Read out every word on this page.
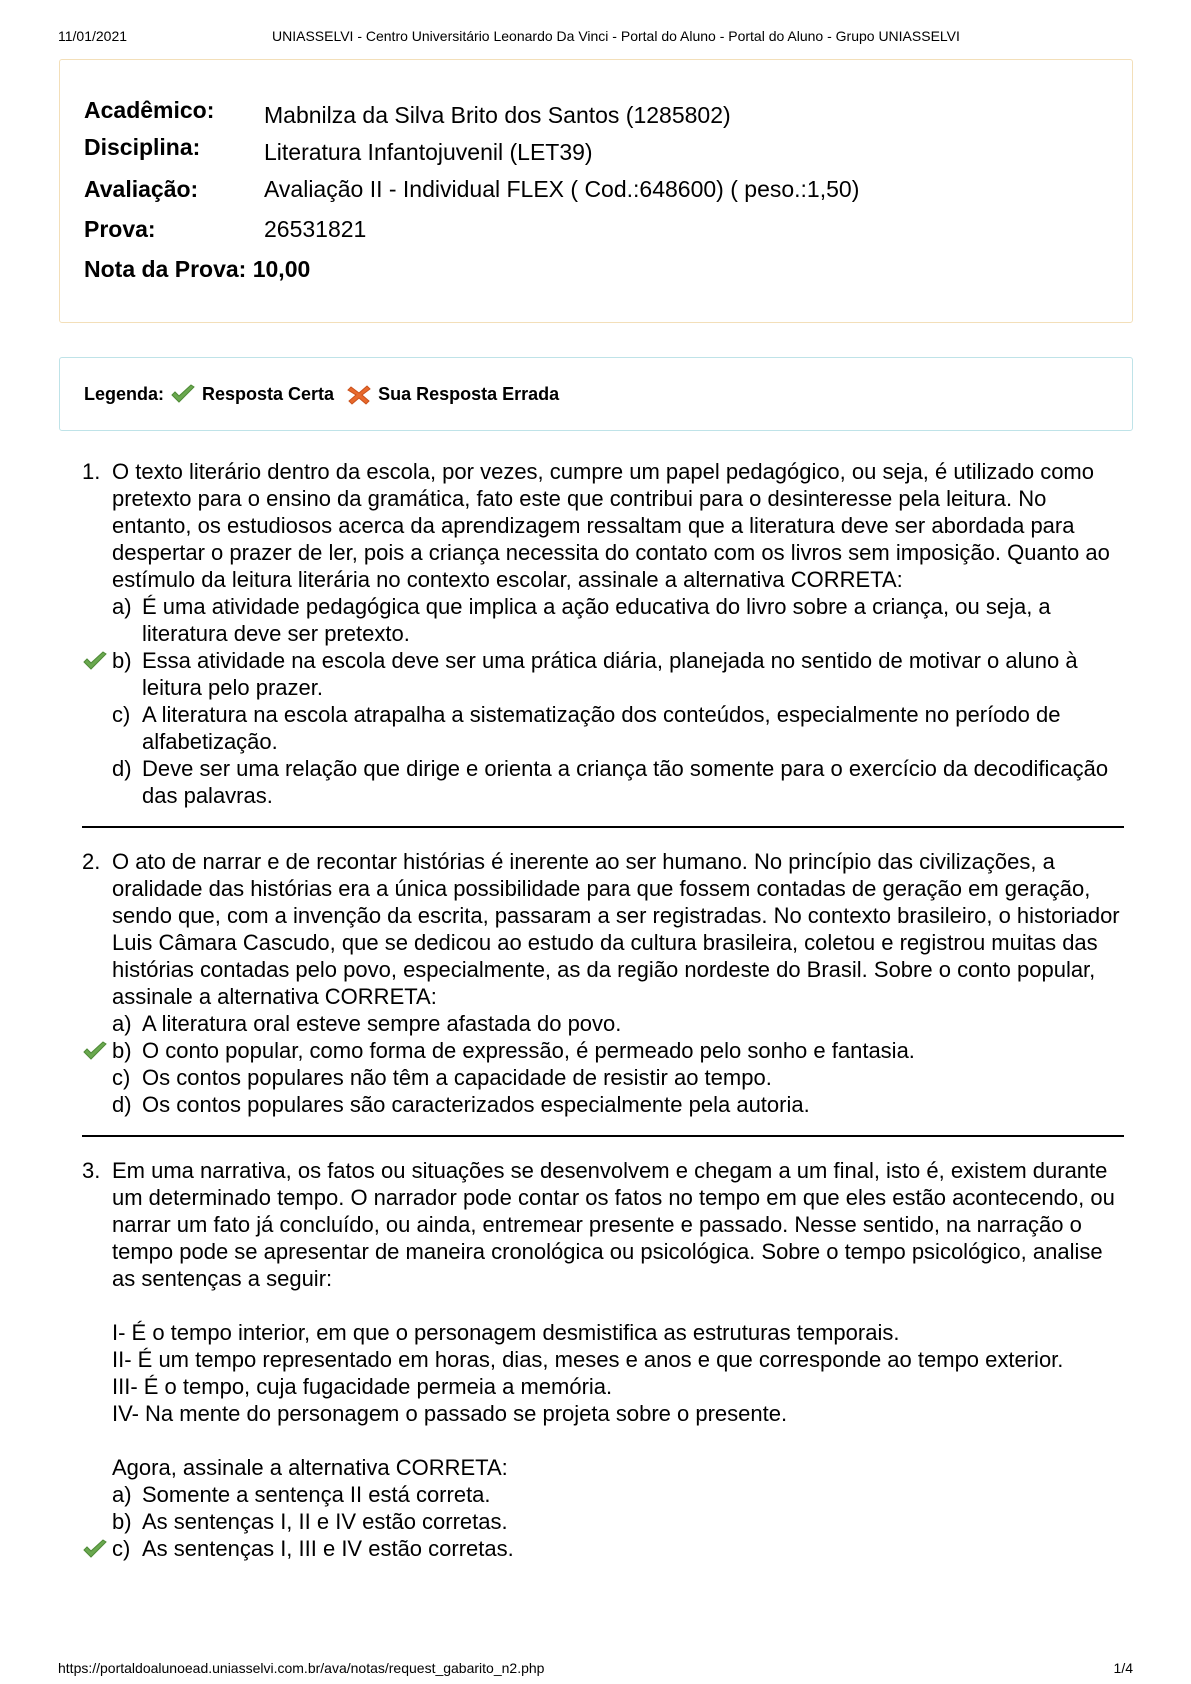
11/01/2021	UNIASSELVI - Centro Universitário Leonardo Da Vinci - Portal do Aluno - Portal do Aluno - Grupo UNIASSELVI
Acadêmico: Mabnilza da Silva Brito dos Santos (1285802)
Disciplina:	Literatura Infantojuvenil (LET39)
Avaliação:	Avaliação II - Individual FLEX ( Cod.:648600) ( peso.:1,50)
Prova:	26531821
Nota da Prova: 10,00
Legenda: Resposta Certa Sua Resposta Errada
1. O texto literário dentro da escola, por vezes, cumpre um papel pedagógico, ou seja, é utilizado como pretexto para o ensino da gramática, fato este que contribui para o desinteresse pela leitura. No entanto, os estudiosos acerca da aprendizagem ressaltam que a literatura deve ser abordada para despertar o prazer de ler, pois a criança necessita do contato com os livros sem imposição. Quanto ao estímulo da leitura literária no contexto escolar, assinale a alternativa CORRETA:

a) É uma atividade pedagógica que implica a ação educativa do livro sobre a criança, ou seja, a literatura deve ser pretexto.
b) Essa atividade na escola deve ser uma prática diária, planejada no sentido de motivar o aluno à leitura pelo prazer.
c) A literatura na escola atrapalha a sistematização dos conteúdos, especialmente no período de alfabetização.
d) Deve ser uma relação que dirige e orienta a criança tão somente para o exercício da decodificação das palavras.
2. O ato de narrar e de recontar histórias é inerente ao ser humano. No princípio das civilizações, a oralidade das histórias era a única possibilidade para que fossem contadas de geração em geração, sendo que, com a invenção da escrita, passaram a ser registradas. No contexto brasileiro, o historiador Luis Câmara Cascudo, que se dedicou ao estudo da cultura brasileira, coletou e registrou muitas das histórias contadas pelo povo, especialmente, as da região nordeste do Brasil. Sobre o conto popular, assinale a alternativa CORRETA:

a) A literatura oral esteve sempre afastada do povo.
b) O conto popular, como forma de expressão, é permeado pelo sonho e fantasia.
c) Os contos populares não têm a capacidade de resistir ao tempo.
d) Os contos populares são caracterizados especialmente pela autoria.
3. Em uma narrativa, os fatos ou situações se desenvolvem e chegam a um final, isto é, existem durante um determinado tempo. O narrador pode contar os fatos no tempo em que eles estão acontecendo, ou narrar um fato já concluído, ou ainda, entremear presente e passado. Nesse sentido, na narração o tempo pode se apresentar de maneira cronológica ou psicológica. Sobre o tempo psicológico, analise as sentenças a seguir:

I- É o tempo interior, em que o personagem desmistifica as estruturas temporais.

II- É um tempo representado em horas, dias, meses e anos e que corresponde ao tempo exterior.

III- É o tempo, cuja fugacidade permeia a memória.

IV- Na mente do personagem o passado se projeta sobre o presente.

Agora, assinale a alternativa CORRETA:

a) Somente a sentença II está correta.
b) As sentenças I, II e IV estão corretas.
c) As sentenças I, III e IV estão corretas.
https://portaldoalunoead.uniasselvi.com.br/ava/notas/request_gabarito_n2.php	1/4
